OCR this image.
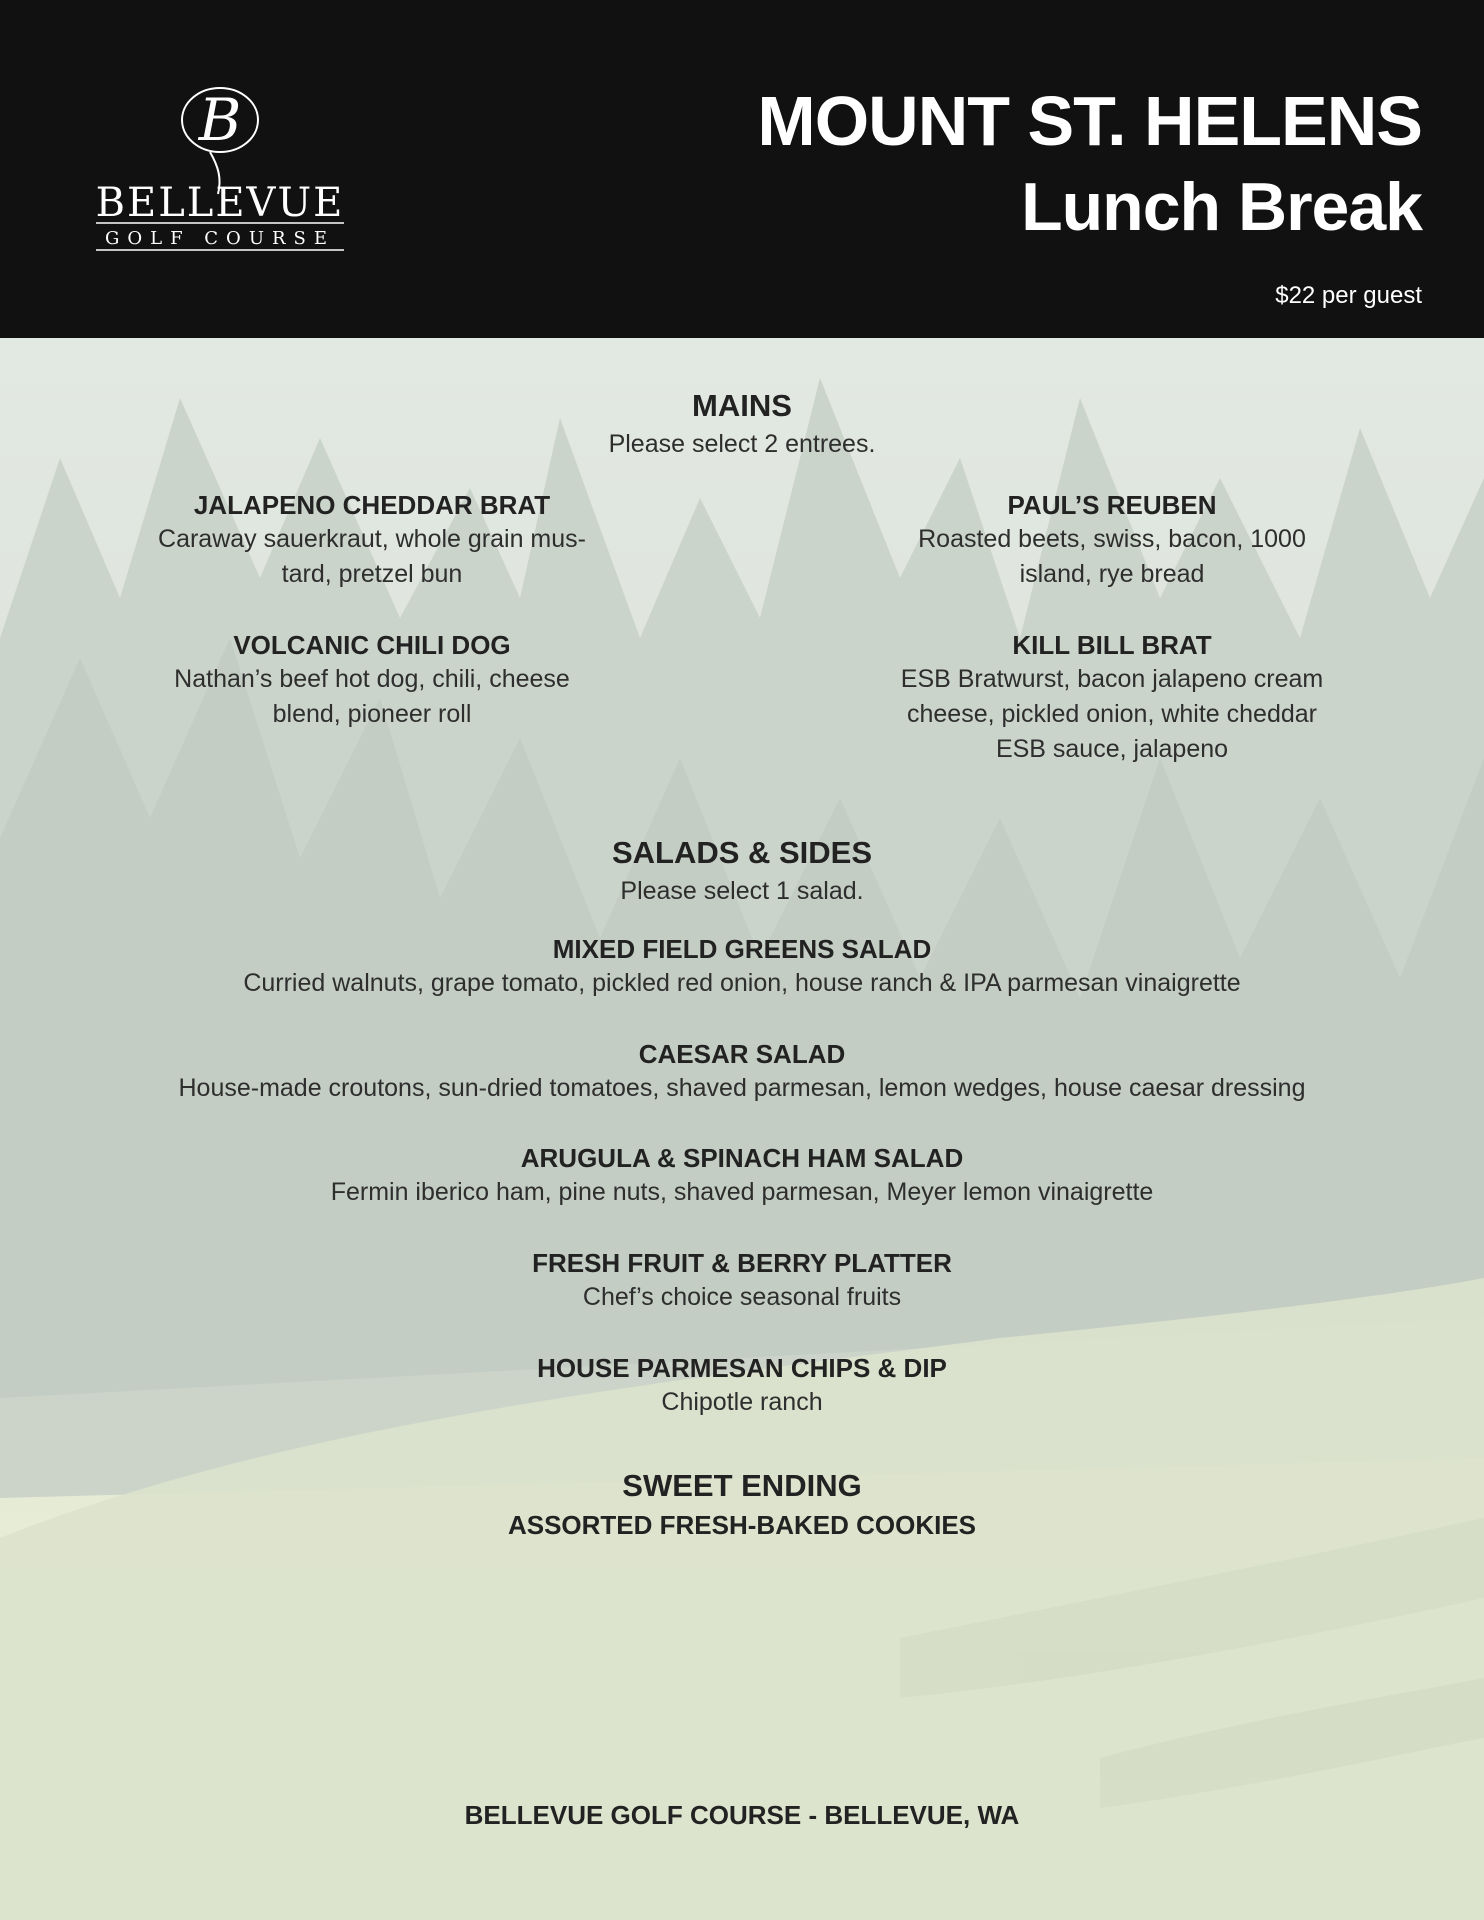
B
BELLEVUE
GOLF COURSE
MOUNT ST. HELENS
Lunch Break
$22 per guest
MAINS
Please select 2 entrees.
JALAPENO CHEDDAR BRAT
Caraway sauerkraut, whole grain mus-
tard, pretzel bun
PAUL’S REUBEN
Roasted beets, swiss, bacon, 1000
island, rye bread
VOLCANIC CHILI DOG
Nathan’s beef hot dog, chili, cheese
blend, pioneer roll
KILL BILL BRAT
ESB Bratwurst, bacon jalapeno cream
cheese, pickled onion, white cheddar
ESB sauce, jalapeno
SALADS & SIDES
Please select 1 salad.
MIXED FIELD GREENS SALAD
Curried walnuts, grape tomato, pickled red onion, house ranch & IPA parmesan vinaigrette
CAESAR SALAD
House-made croutons, sun-dried tomatoes, shaved parmesan, lemon wedges, house caesar dressing
ARUGULA & SPINACH HAM SALAD
Fermin iberico ham, pine nuts, shaved parmesan, Meyer lemon vinaigrette
FRESH FRUIT & BERRY PLATTER
Chef’s choice seasonal fruits
HOUSE PARMESAN CHIPS & DIP
Chipotle ranch
SWEET ENDING
ASSORTED FRESH-BAKED COOKIES
BELLEVUE GOLF COURSE - BELLEVUE, WA
